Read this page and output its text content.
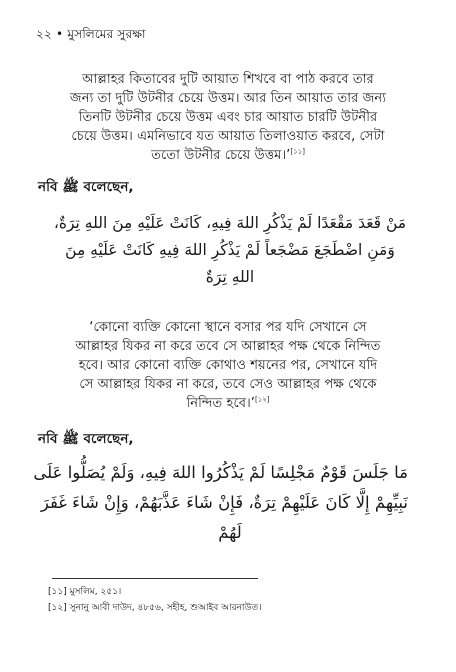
২২ • মুসলিমের সুরক্ষা
আল্লাহর কিতাবের দুটি আয়াত শিখবে বা পাঠ করবে তার
জন্য তা দুটি উটনীর চেয়ে উত্তম। আর তিন আয়াত তার জন্য
তিনটি উটনীর চেয়ে উত্তম এবং চার আয়াত চারটি উটনীর
চেয়ে উত্তম। এমনিভাবে যত আয়াত তিলাওয়াত করবে, সেটা
ততো উটনীর চেয়ে উত্তম।’[১১]
নবি ﷺ বলেছেন,
مَنْ قَعَدَ مَقْعَدًا لَمْ يَذْكُرِ اللهَ فِيهِ، كَانَتْ عَلَيْهِ مِنَ اللهِ تِرَةٌ،
وَمَنِ اضْطَجَعَ مَضْجَعاً لَمْ يَذْكُرِ اللهَ فِيهِ كَانَتْ عَلَيْهِ مِنَ
اللهِ تِرَةٌ
‘কোনো ব্যক্তি কোনো স্থানে বসার পর যদি সেখানে সে
আল্লাহর যিকর না করে তবে সে আল্লাহর পক্ষ থেকে নিন্দিত
হবে। আর কোনো ব্যক্তি কোথাও শয়নের পর, সেখানে যদি
সে আল্লাহর যিকর না করে, তবে সেও আল্লাহর পক্ষ থেকে
নিন্দিত হবে।’[১২]
নবি ﷺ বলেছেন,
مَا جَلَسَ قَوْمٌ مَجْلِسًا لَمْ يَذْكُرُوا اللهَ فِيهِ، وَلَمْ يُصَلُّوا عَلَى
نَبِيِّهِمْ إِلَّا كَانَ عَلَيْهِمْ تِرَةٌ، فَإِنْ شَاءَ عَذَّبَهُمْ، وَإِنْ شَاءَ غَفَرَ
لَهُمْ
[১১] মুসলিম, ২৫১।
[১২] সুনানু আবী দাউদ, ৪৮৫৬, সহীহ, শুআইব আরনাউত।
